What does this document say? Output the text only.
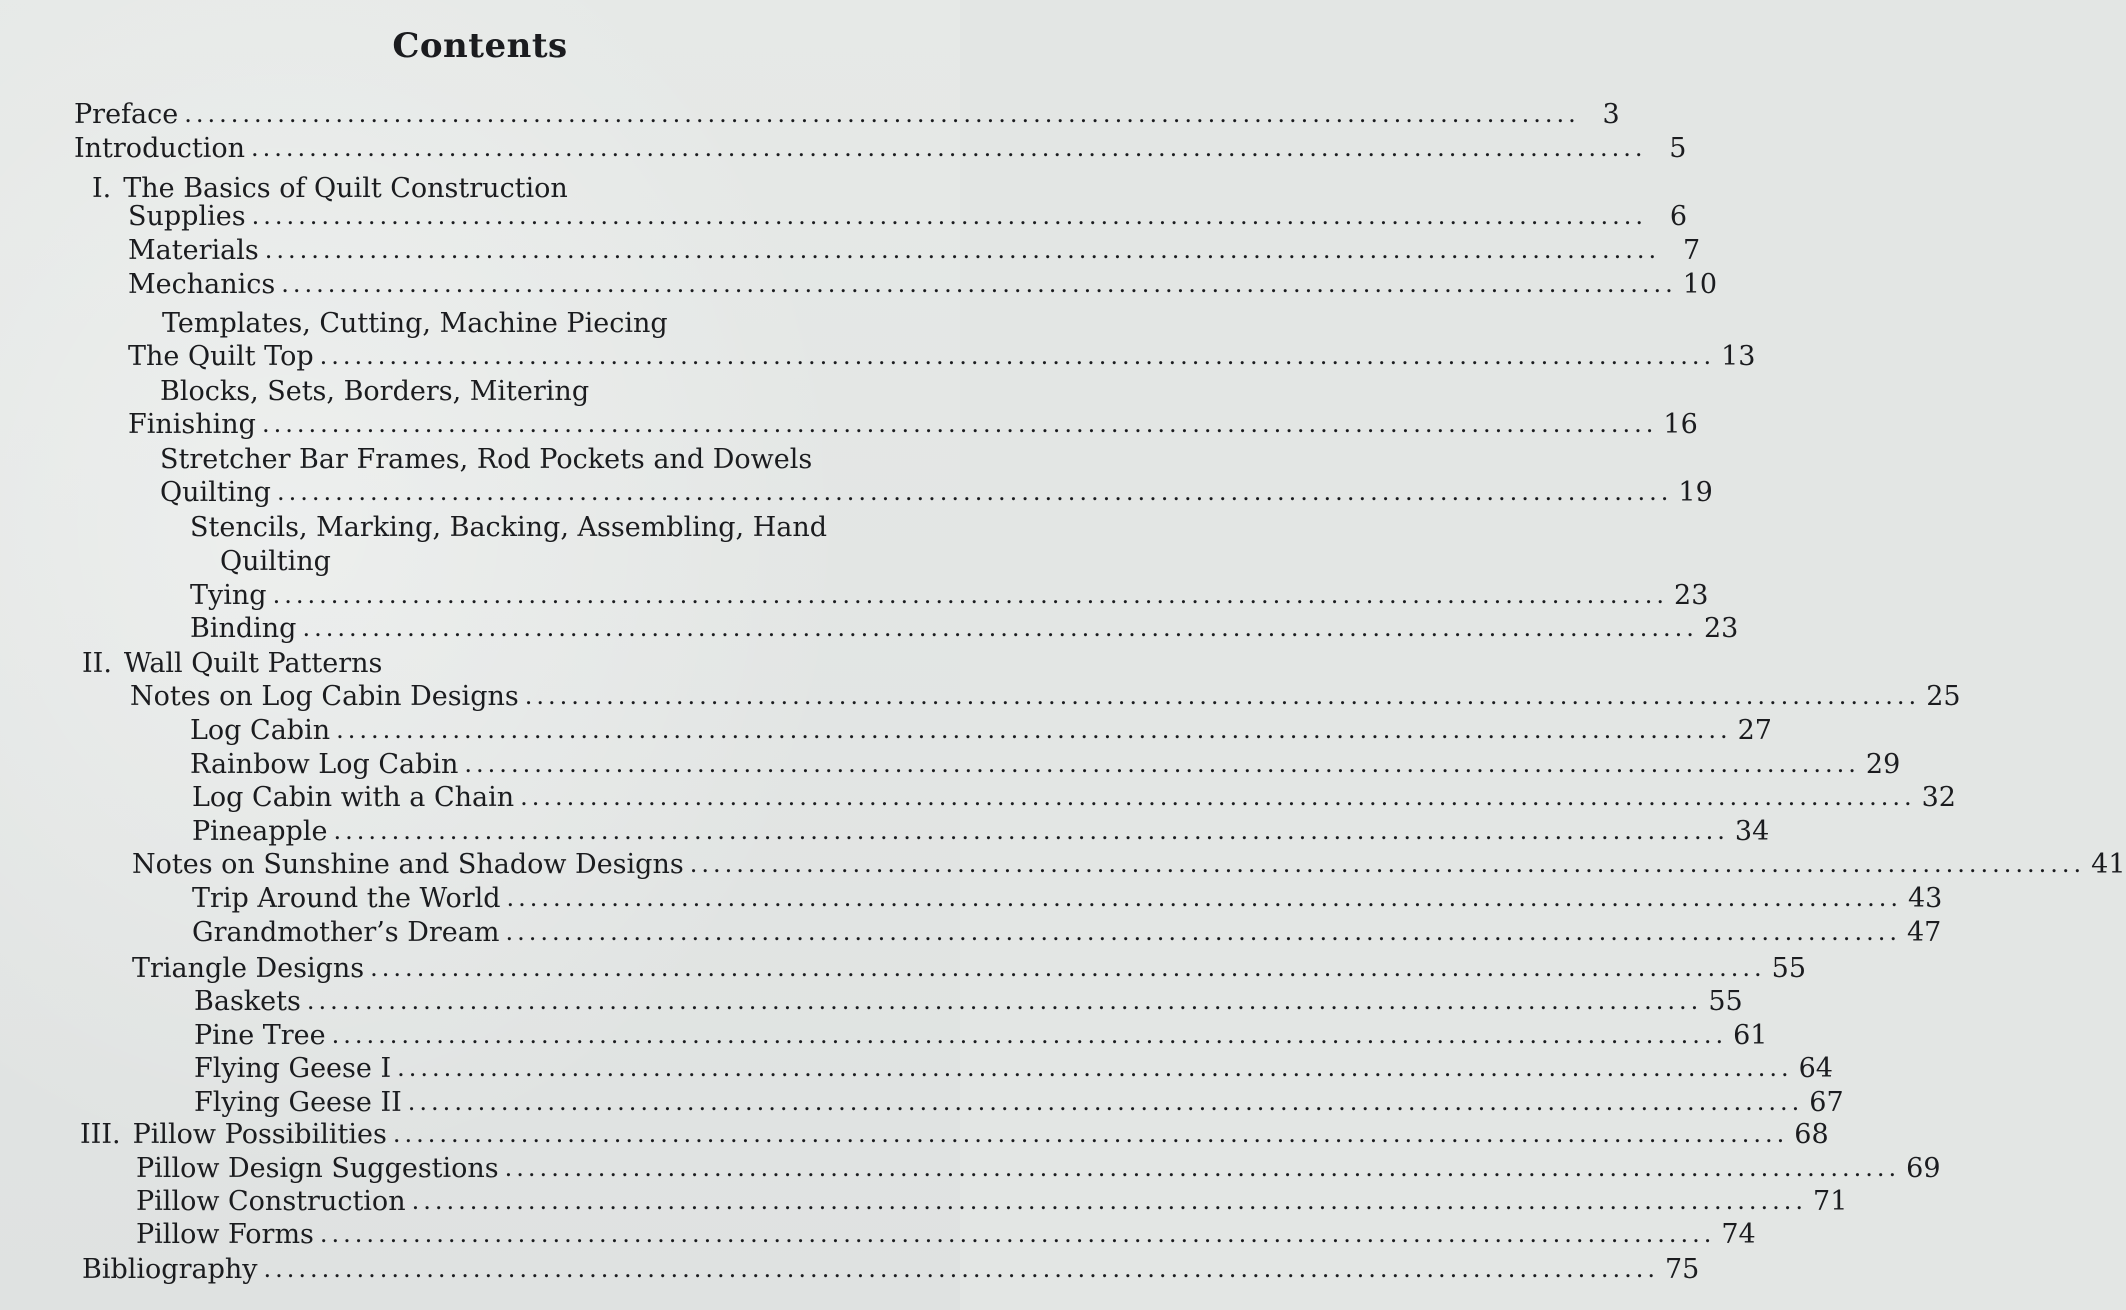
Contents
Preface ........................................................................................................................ 3
Introduction ........................................................................................................................ 5
I. The Basics of Quilt Construction
Supplies ........................................................................................................................ 6
Materials ........................................................................................................................ 7
Mechanics ........................................................................................................................ 10
Templates, Cutting, Machine Piecing
The Quilt Top ........................................................................................................................ 13
Blocks, Sets, Borders, Mitering
Finishing ........................................................................................................................ 16
Stretcher Bar Frames, Rod Pockets and Dowels
Quilting ........................................................................................................................ 19
Stencils, Marking, Backing, Assembling, Hand
Quilting
Tying ........................................................................................................................ 23
Binding ........................................................................................................................ 23
II. Wall Quilt Patterns
Notes on Log Cabin Designs ........................................................................................................................ 25
Log Cabin ........................................................................................................................ 27
Rainbow Log Cabin ........................................................................................................................ 29
Log Cabin with a Chain ........................................................................................................................ 32
Pineapple ........................................................................................................................ 34
Notes on Sunshine and Shadow Designs ........................................................................................................................ 41
Trip Around the World ........................................................................................................................ 43
Grandmother’s Dream ........................................................................................................................ 47
Triangle Designs ........................................................................................................................ 55
Baskets ........................................................................................................................ 55
Pine Tree ........................................................................................................................ 61
Flying Geese I ........................................................................................................................ 64
Flying Geese II ........................................................................................................................ 67
III. Pillow Possibilities ........................................................................................................................ 68
Pillow Design Suggestions ........................................................................................................................ 69
Pillow Construction ........................................................................................................................ 71
Pillow Forms ........................................................................................................................ 74
Bibliography ........................................................................................................................ 75
